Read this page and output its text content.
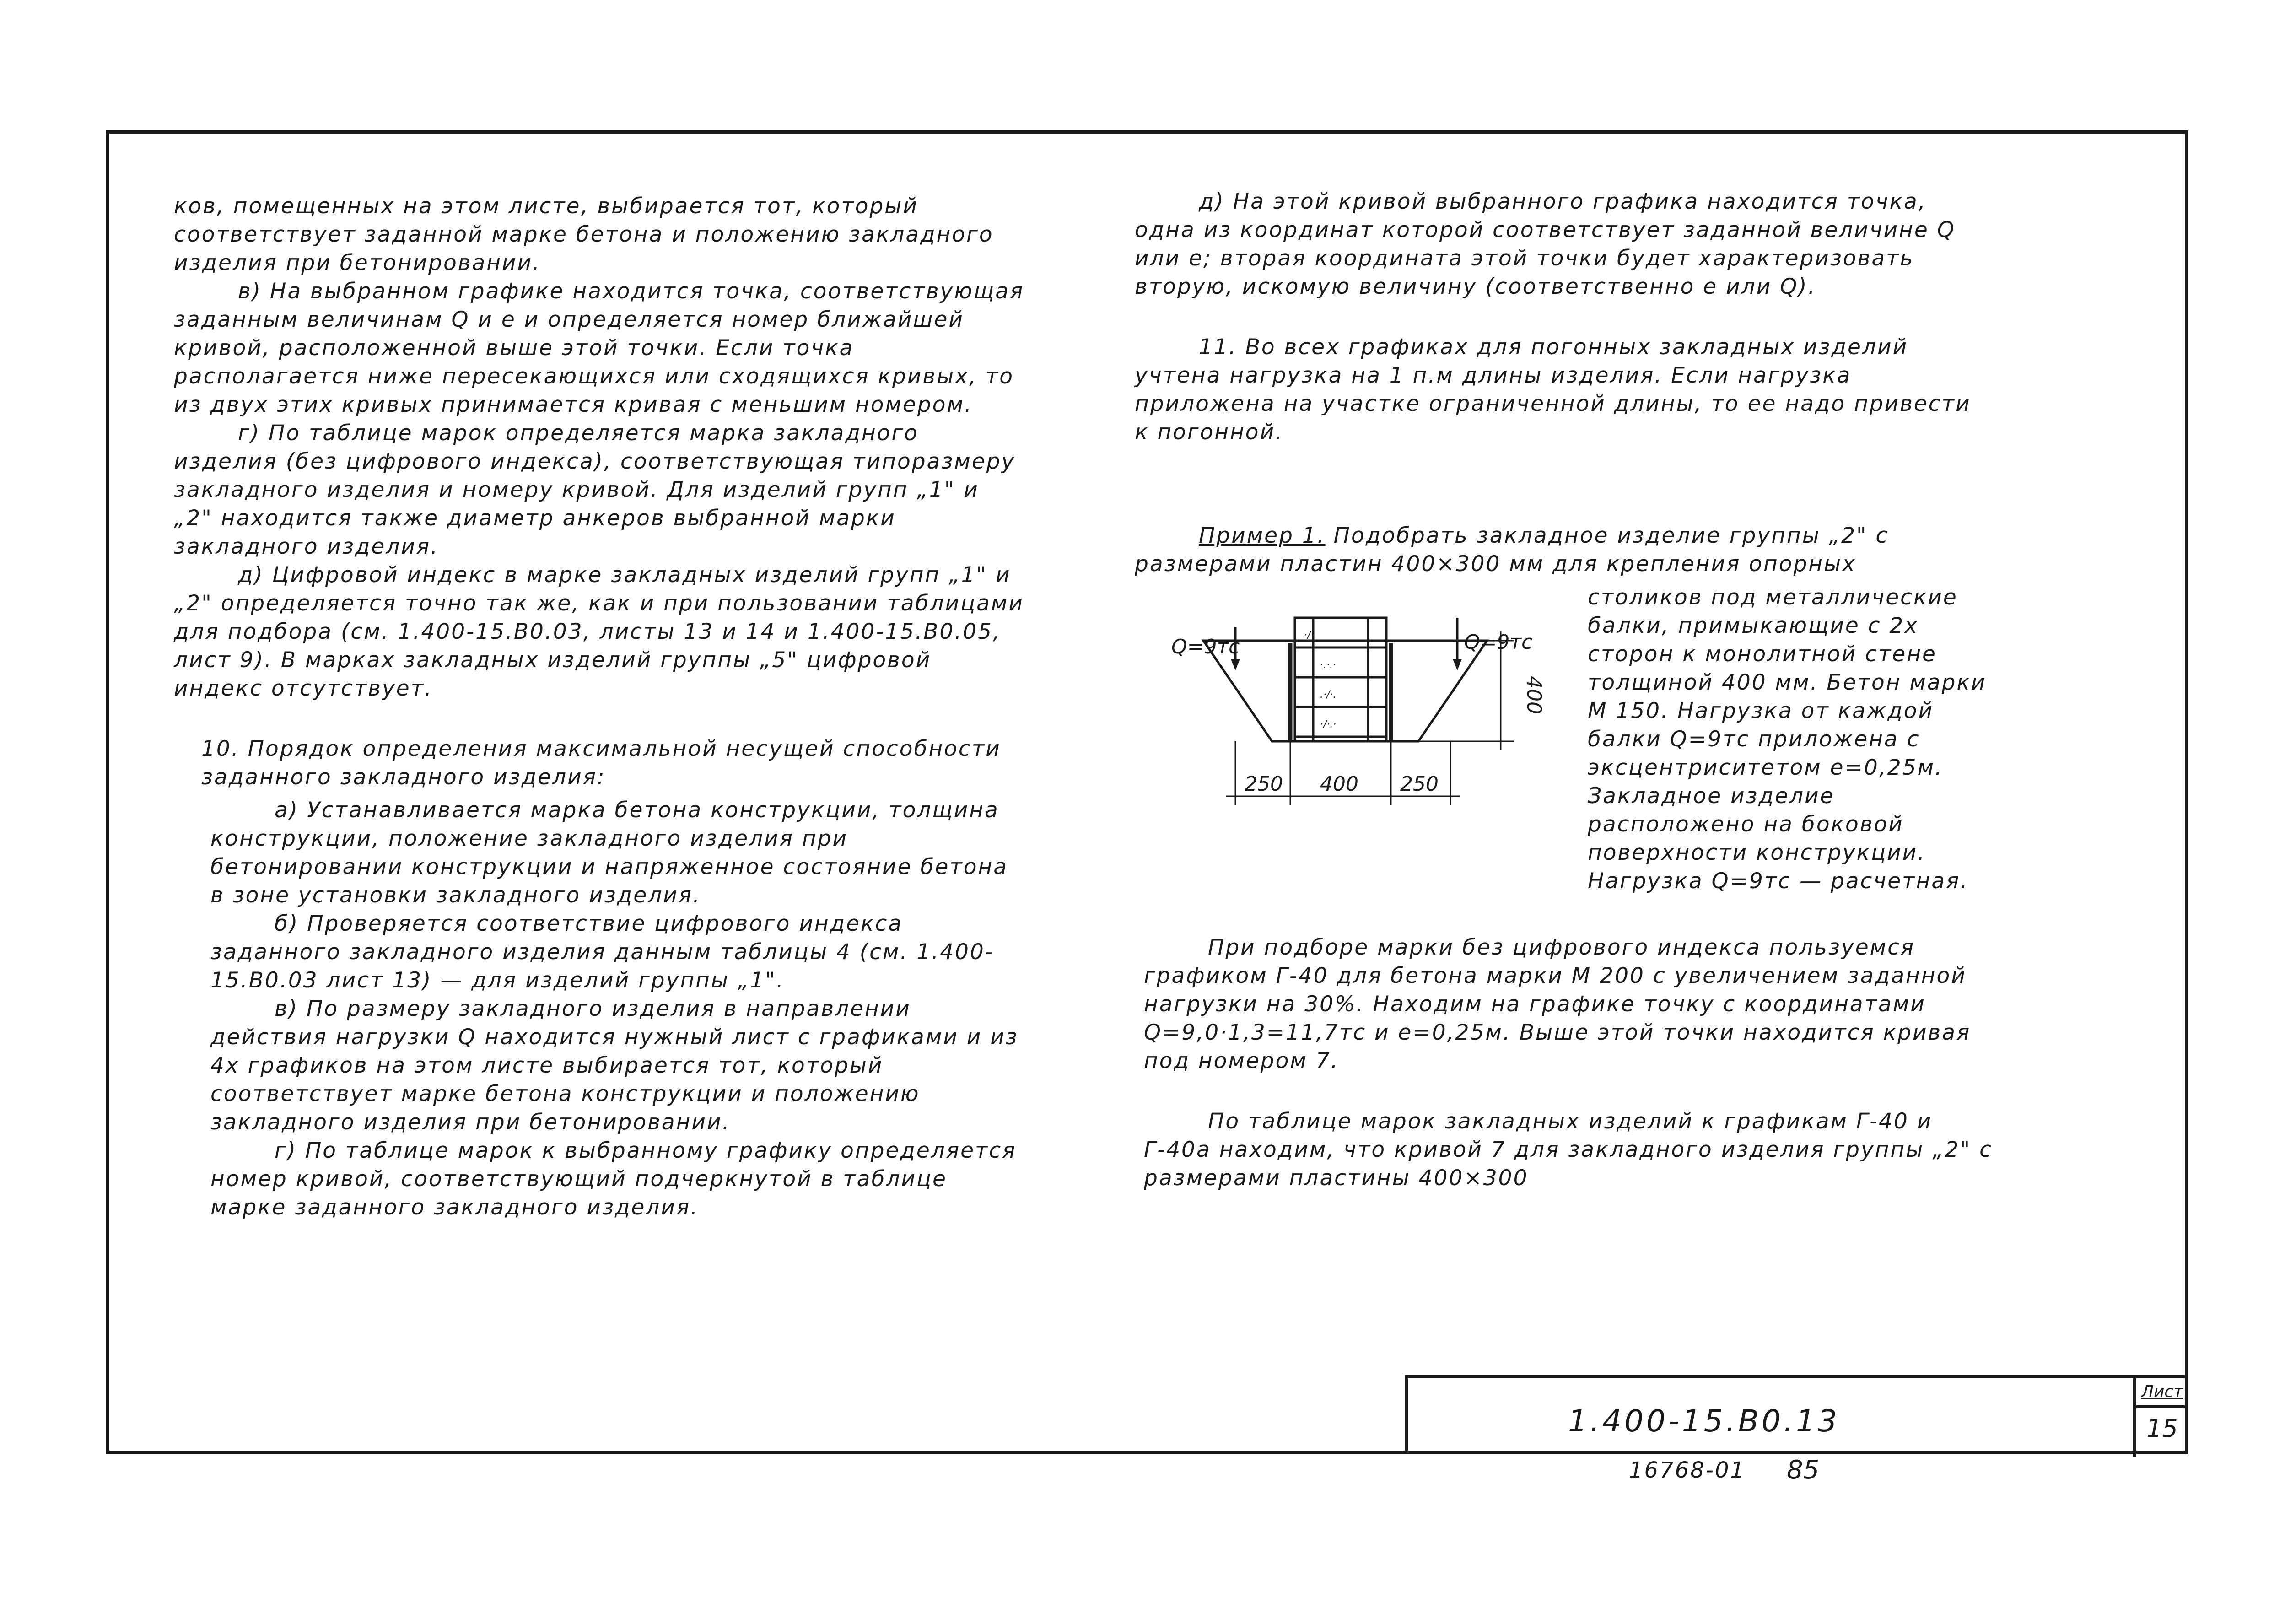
ков, помещенных на этом листе, выбирается тот, который соответствует заданной марке бетона и положению закладного изделия при бетонировании.

в) На выбранном графике находится точка, соответствующая заданным величинам Q и e и определяется номер ближайшей кривой, расположенной выше этой точки. Если точка располагается ниже пересекающихся или сходящихся кривых, то из двух этих кривых принимается кривая с меньшим номером.

г) По таблице марок определяется марка закладного изделия (без цифрового индекса), соответствующая типоразмеру закладного изделия и номеру кривой. Для изделий групп „1" и „2" находится также диаметр анкеров выбранной марки закладного изделия.

д) Цифровой индекс в марке закладных изделий групп „1" и „2" определяется точно так же, как и при пользовании таблицами для подбора (см. 1.400-15.В0.03, листы 13 и 14 и 1.400-15.В0.05, лист 9). В марках закладных изделий группы „5" цифровой индекс отсутствует.

10. Порядок определения максимальной несущей способности заданного закладного изделия:

а) Устанавливается марка бетона конструкции, толщина конструкции, положение закладного изделия при бетонировании конструкции и напряженное состояние бетона в зоне установки закладного изделия.

б) Проверяется соответствие цифрового индекса заданного закладного изделия данным таблицы 4 (см. 1.400-15.В0.03 лист 13) — для изделий группы „1".

в) По размеру закладного изделия в направлении действия нагрузки Q находится нужный лист с графиками и из 4х графиков на этом листе выбирается тот, который соответствует марке бетона конструкции и положению закладного изделия при бетонировании.

г) По таблице марок к выбранному графику определяется номер кривой, соответствующий подчеркнутой в таблице марке заданного закладного изделия.

д) На этой кривой выбранного графика находится точка, одна из координат которой соответствует заданной величине Q или e; вторая координата этой точки будет характеризовать вторую, искомую величину (соответственно e или Q).

11. Во всех графиках для погонных закладных изделий учтена нагрузка на 1 п.м длины изделия. Если нагрузка приложена на участке ограниченной длины, то ее надо привести к погонной.

Пример 1. Подобрать закладное изделие группы „2" с размерами пластин 400×300 мм для крепления опорных

столиков под металлические балки, примыкающие с 2х сторон к монолитной стене толщиной 400 мм. Бетон марки М 150. Нагрузка от каждой балки Q=9тс приложена с эксцентриситетом e=0,25м. Закладное изделие расположено на боковой поверхности конструкции. Нагрузка Q=9тс — расчетная.

·/·
·.·.·
.·/·.
·/·.·
Q=9тс	Q=9тс
400
250 400 250

При подборе марки без цифрового индекса пользуемся графиком Г-40 для бетона марки М 200 с увеличением заданной нагрузки на 30%. Находим на графике точку с координатами Q=9,0·1,3=11,7тс и e=0,25м. Выше этой точки находится кривая под номером 7.

По таблице марок закладных изделий к графикам Г-40 и Г-40а находим, что кривой 7 для закладного изделия группы „2" с размерами пластины 400×300

1.400-15.В0.13
Лист
15
16768-01 85
